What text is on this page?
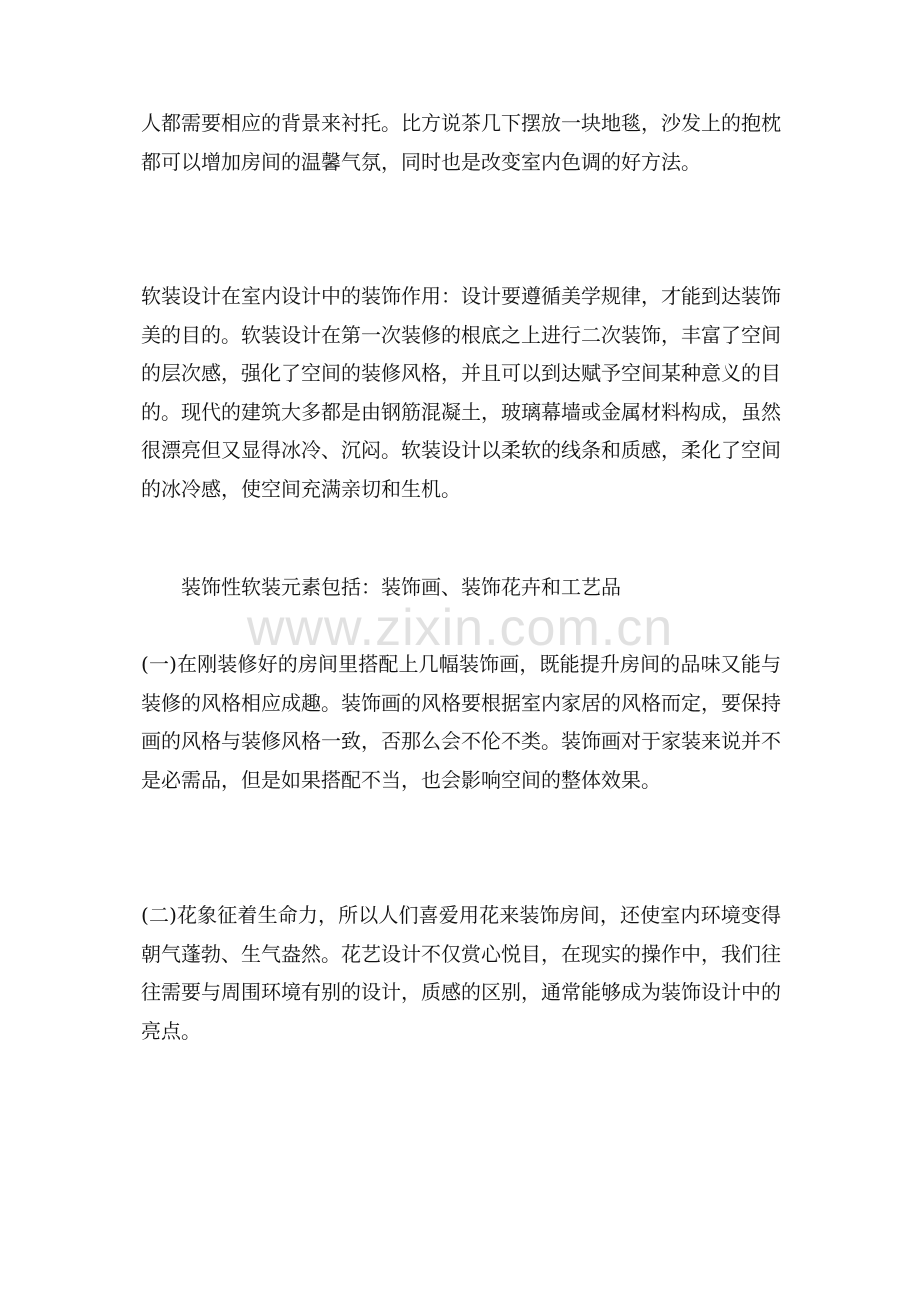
人都需要相应的背景来衬托。比方说茶几下摆放一块地毯，沙发上的抱枕都可以增加房间的温馨气氛，同时也是改变室内色调的好方法。

软装设计在室内设计中的装饰作用：设计要遵循美学规律，才能到达装饰美的目的。软装设计在第一次装修的根底之上进行二次装饰，丰富了空间的层次感，强化了空间的装修风格，并且可以到达赋予空间某种意义的目的。现代的建筑大多都是由钢筋混凝土，玻璃幕墙或金属材料构成，虽然很漂亮但又显得冰冷、沉闷。软装设计以柔软的线条和质感，柔化了空间的冰冷感，使空间充满亲切和生机。

装饰性软装元素包括：装饰画、装饰花卉和工艺品

www.zixin.com.cn

(一)在刚装修好的房间里搭配上几幅装饰画，既能提升房间的品味又能与装修的风格相应成趣。装饰画的风格要根据室内家居的风格而定，要保持画的风格与装修风格一致，否那么会不伦不类。装饰画对于家装来说并不是必需品，但是如果搭配不当，也会影响空间的整体效果。

(二)花象征着生命力，所以人们喜爱用花来装饰房间，还使室内环境变得朝气蓬勃、生气盎然。花艺设计不仅赏心悦目，在现实的操作中，我们往往需要与周围环境有别的设计，质感的区别，通常能够成为装饰设计中的亮点。
